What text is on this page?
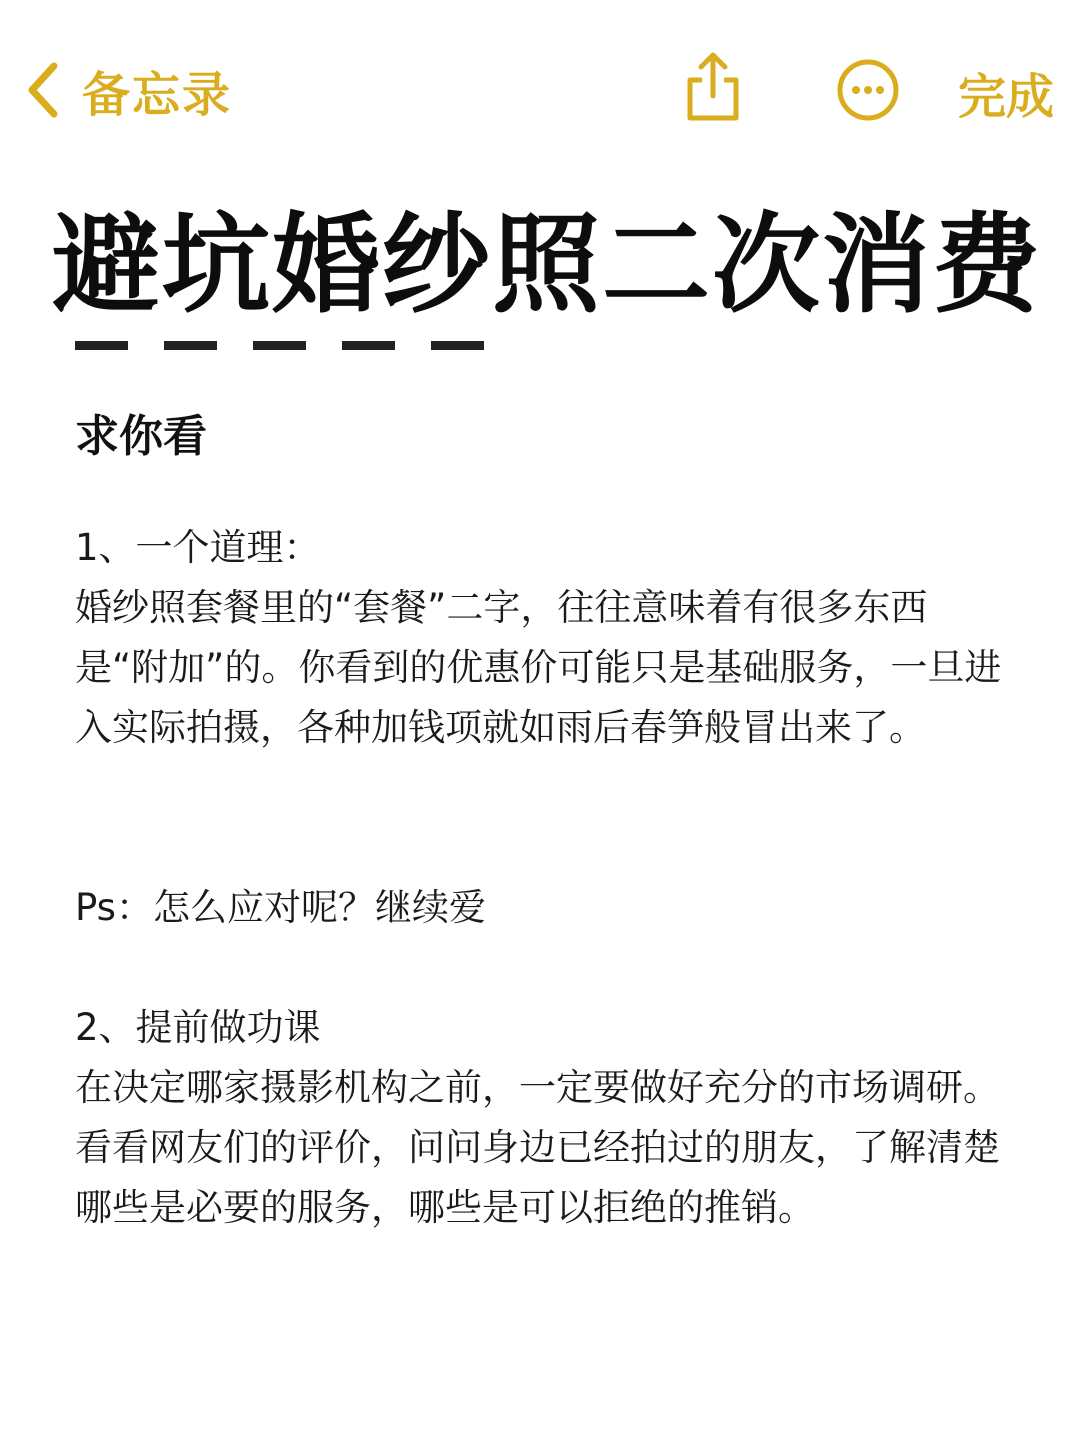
备忘录	完成
避坑婚纱照二次消费
求你看

1、一个道理：

婚纱照套餐里的“套餐”二字，往往意味着有很多东西是“附加”的。你看到的优惠价可能只是基础服务，一旦进入实际拍摄，各种加钱项就如雨后春笋般冒出来了。

Ps：怎么应对呢？继续爱

2、提前做功课

在决定哪家摄影机构之前，一定要做好充分的市场调研。看看网友们的评价，问问身边已经拍过的朋友，了解清楚哪些是必要的服务，哪些是可以拒绝的推销。
